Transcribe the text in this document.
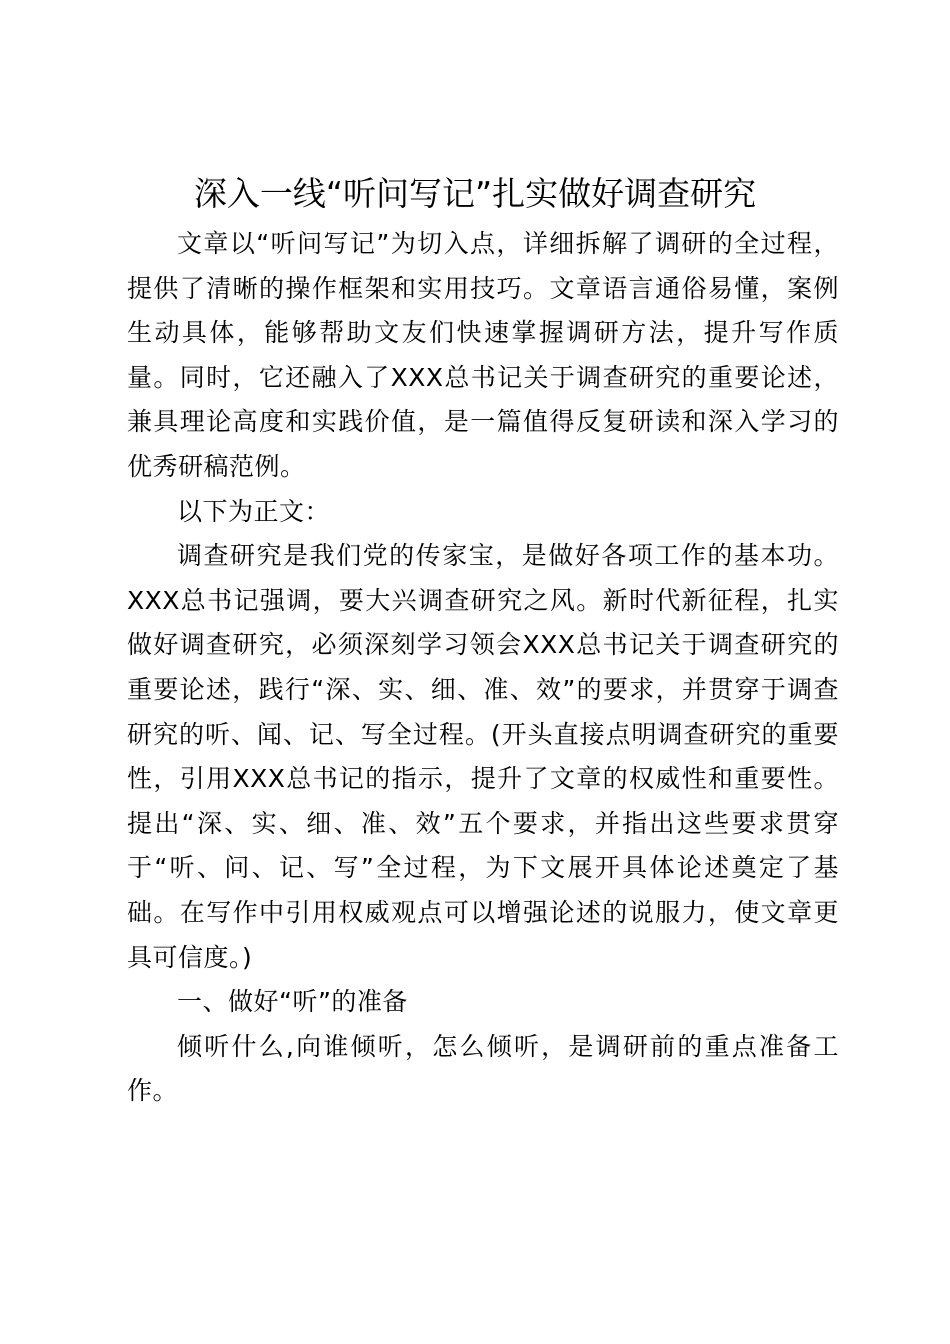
深入一线“听问写记”扎实做好调查研究

文章以“听问写记”为切入点，详细拆解了调研的全过程，提供了清晰的操作框架和实用技巧。文章语言通俗易懂，案例生动具体，能够帮助文友们快速掌握调研方法，提升写作质量。同时，它还融入了XXX总书记关于调查研究的重要论述，兼具理论高度和实践价值，是一篇值得反复研读和深入学习的优秀研稿范例。

以下为正文：

调查研究是我们党的传家宝，是做好各项工作的基本功。XXX总书记强调，要大兴调查研究之风。新时代新征程，扎实做好调查研究，必须深刻学习领会XXX总书记关于调查研究的重要论述，践行“深、实、细、准、效”的要求，并贯穿于调查研究的听、闻、记、写全过程。(开头直接点明调查研究的重要性，引用XXX总书记的指示，提升了文章的权威性和重要性。提出“深、实、细、准、效”五个要求，并指出这些要求贯穿于“听、问、记、写”全过程，为下文展开具体论述奠定了基础。在写作中引用权威观点可以增强论述的说服力，使文章更具可信度。)

一、做好“听”的准备

倾听什么,向谁倾听，怎么倾听，是调研前的重点准备工作。
